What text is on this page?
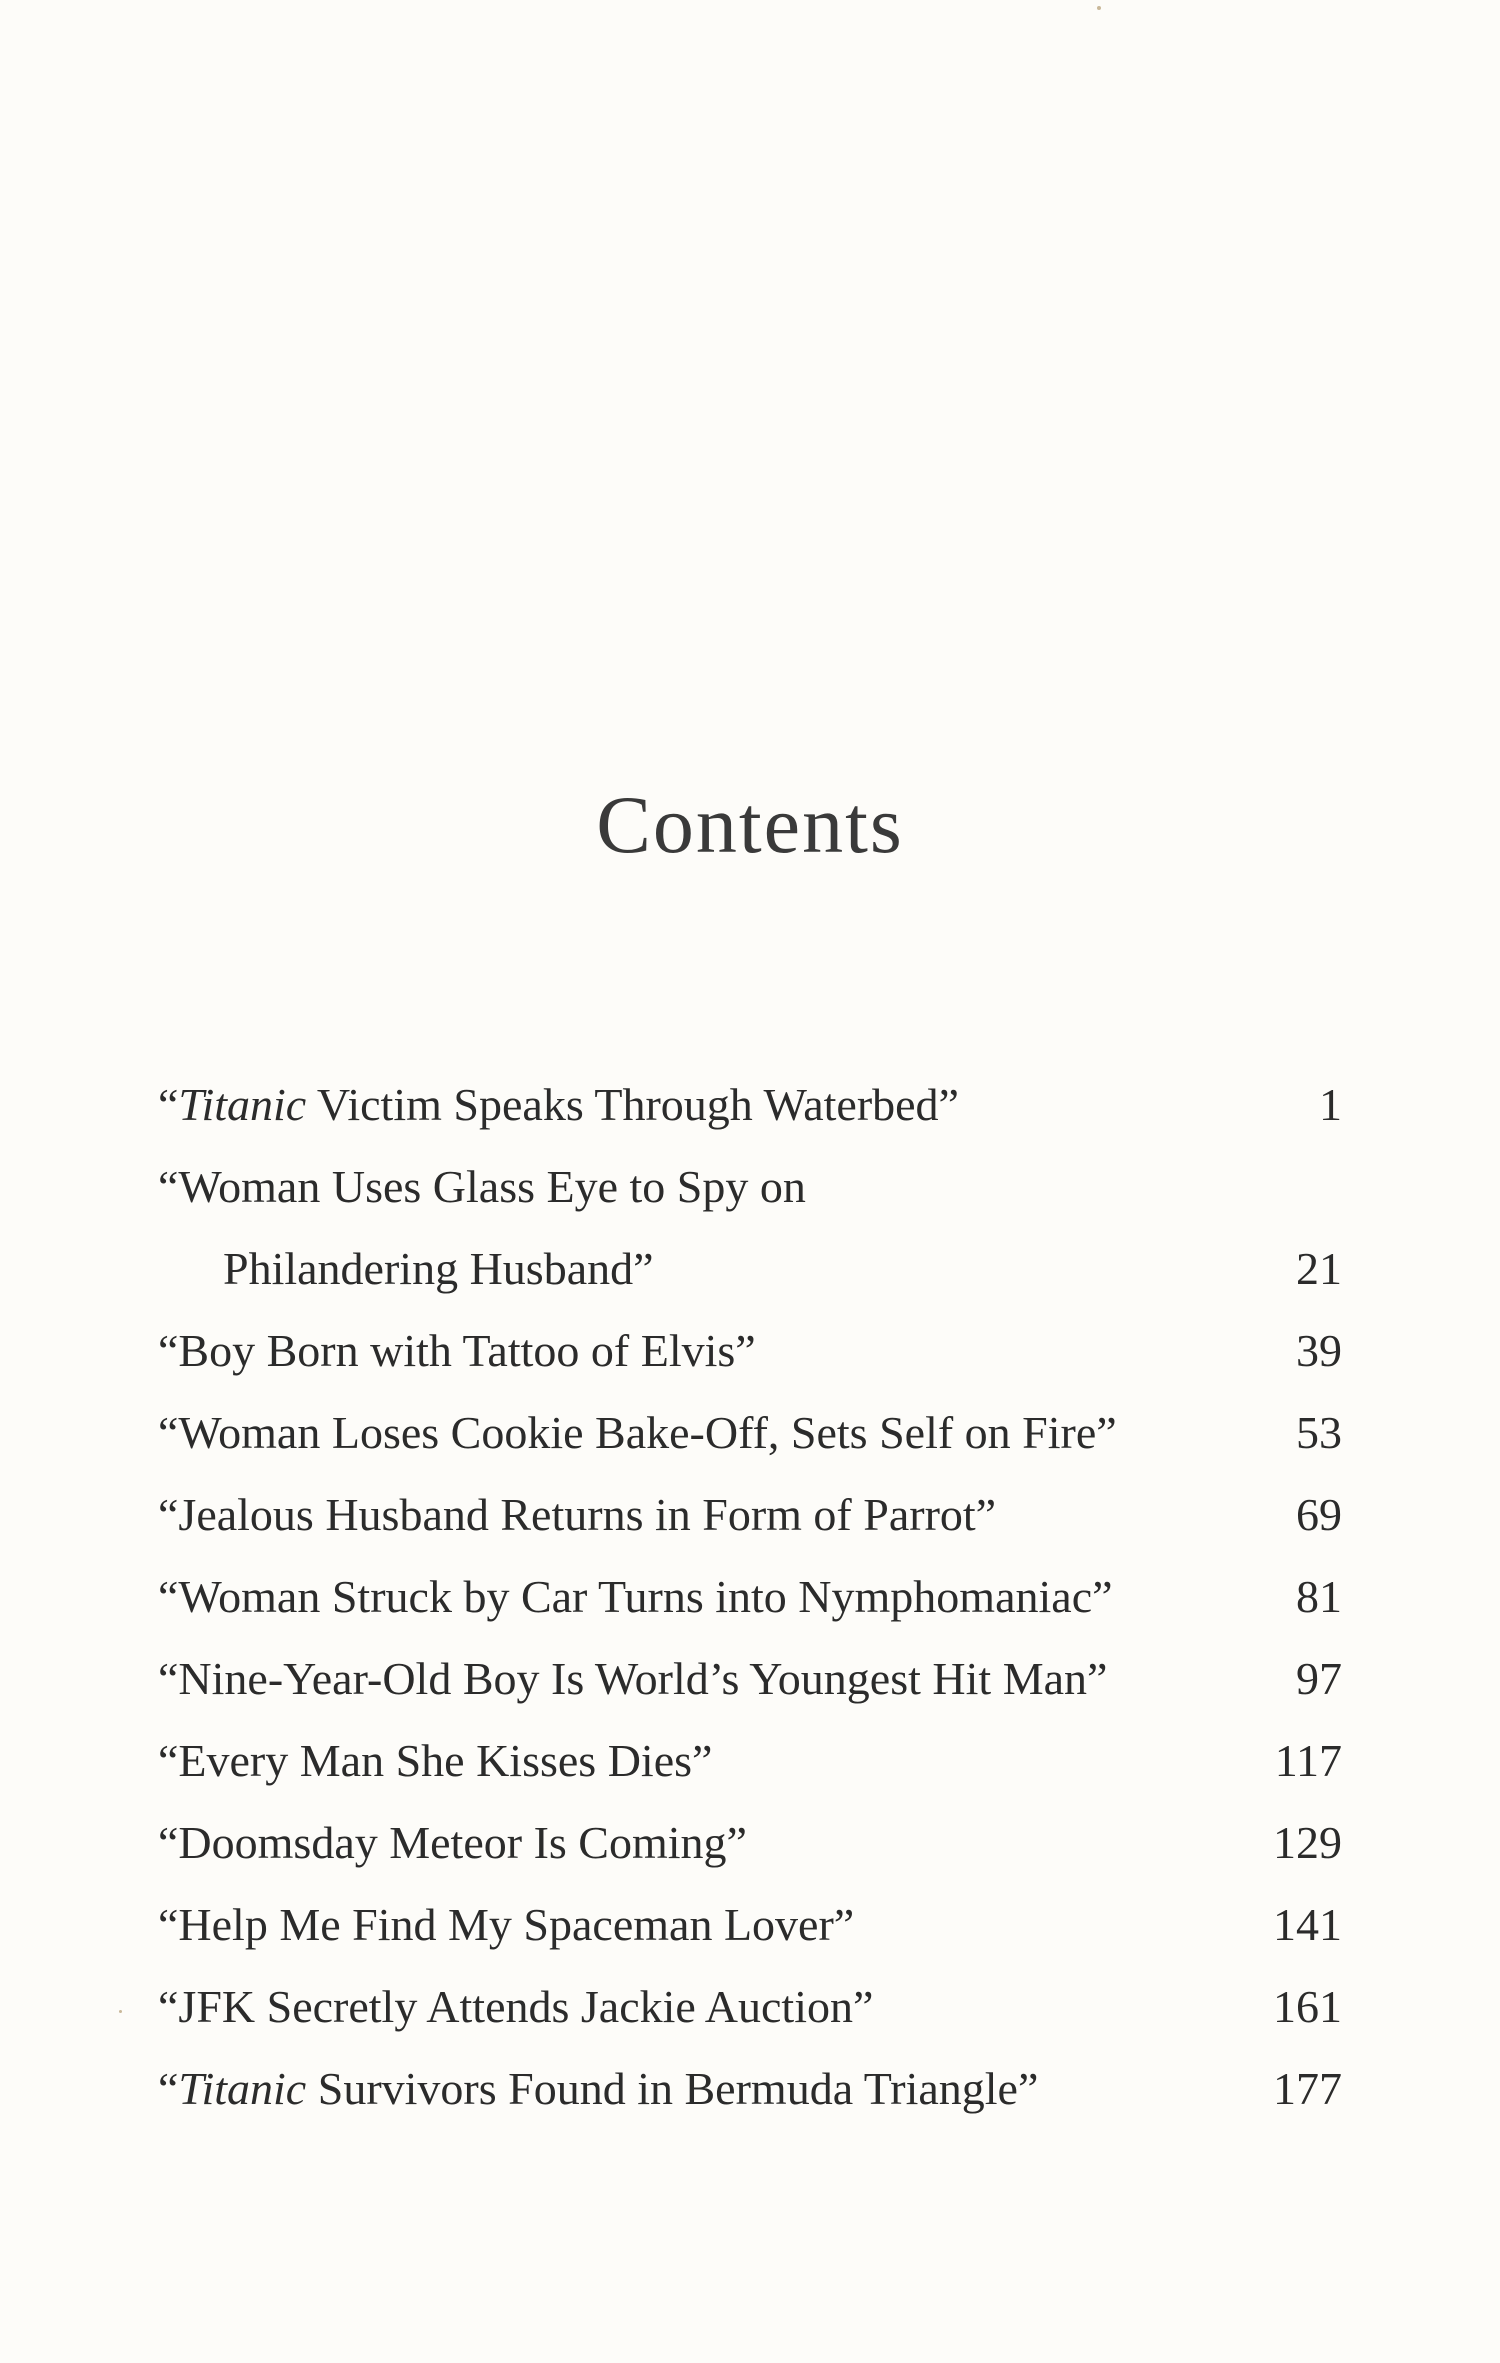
Contents
“Titanic Victim Speaks Through Waterbed”	1
“Woman Uses Glass Eye to Spy on
Philandering Husband”	21
“Boy Born with Tattoo of Elvis”	39
“Woman Loses Cookie Bake-Off, Sets Self on Fire”	53
“Jealous Husband Returns in Form of Parrot”	69
“Woman Struck by Car Turns into Nymphomaniac”	81
“Nine-Year-Old Boy Is World’s Youngest Hit Man”	97
“Every Man She Kisses Dies”	117
“Doomsday Meteor Is Coming”	129
“Help Me Find My Spaceman Lover”	141
“JFK Secretly Attends Jackie Auction”	161
“Titanic Survivors Found in Bermuda Triangle”	177
